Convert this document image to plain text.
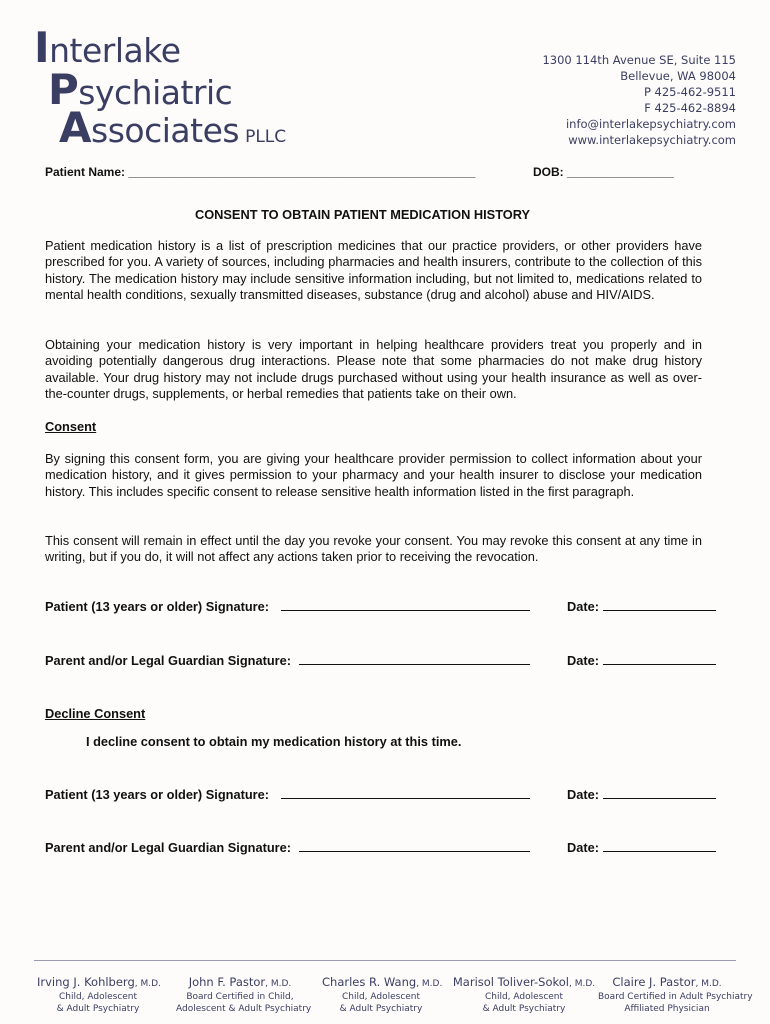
Interlake
Psychiatric
Associates PLLC
1300 114th Avenue SE, Suite 115
Bellevue, WA 98004
P 425-462-9511
F 425-462-8894
info@interlakepsychiatry.com
www.interlakepsychiatry.com
Patient Name: ____________________________________________________	DOB: ________________
CONSENT TO OBTAIN PATIENT MEDICATION HISTORY
Patient medication history is a list of prescription medicines that our practice providers, or other providers have prescribed for you. A variety of sources, including pharmacies and health insurers, contribute to the collection of this history. The medication history may include sensitive information including, but not limited to, medications related to mental health conditions, sexually transmitted diseases, substance (drug and alcohol) abuse and HIV/AIDS.
Obtaining your medication history is very important in helping healthcare providers treat you properly and in avoiding potentially dangerous drug interactions. Please note that some pharmacies do not make drug history available. Your drug history may not include drugs purchased without using your health insurance as well as over-the-counter drugs, supplements, or herbal remedies that patients take on their own.
Consent
By signing this consent form, you are giving your healthcare provider permission to collect information about your medication history, and it gives permission to your pharmacy and your health insurer to disclose your medication history. This includes specific consent to release sensitive health information listed in the first paragraph.
This consent will remain in effect until the day you revoke your consent. You may revoke this consent at any time in writing, but if you do, it will not affect any actions taken prior to receiving the revocation.
Patient (13 years or older) Signature:	Date:
Parent and/or Legal Guardian Signature:	Date:
Decline Consent
I decline consent to obtain my medication history at this time.
Patient (13 years or older) Signature:	Date:
Parent and/or Legal Guardian Signature:	Date:
Irving J. Kohlberg, M.D.
Child, Adolescent
& Adult Psychiatry
John F. Pastor, M.D.
Board Certified in Child,
Adolescent & Adult Psychiatry
Charles R. Wang, M.D.
Child, Adolescent
& Adult Psychiatry
Marisol Toliver-Sokol, M.D.
Child, Adolescent
& Adult Psychiatry
Claire J. Pastor, M.D.
Board Certified in Adult Psychiatry
Affiliated Physician
